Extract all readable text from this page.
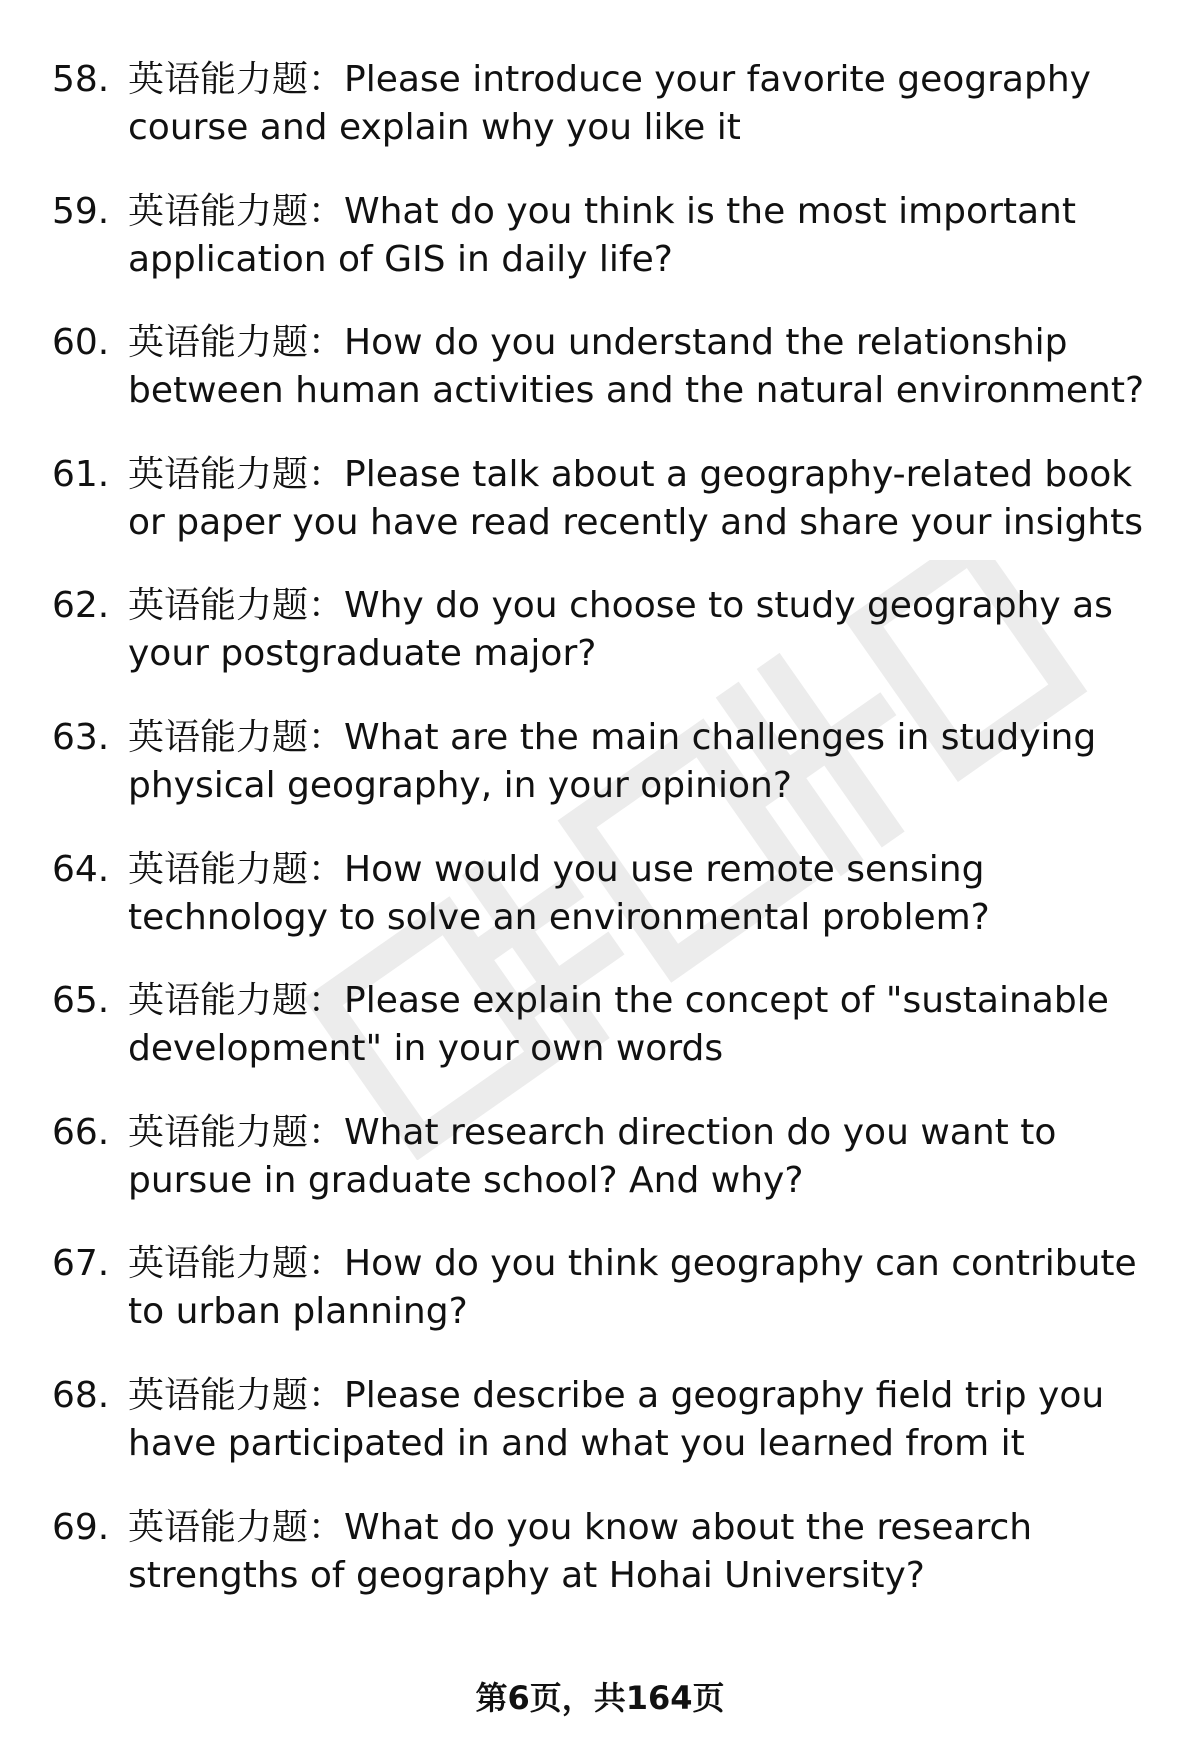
58. 英语能力题：Please introduce your favorite geography course and explain why you like it
59. 英语能力题：What do you think is the most important application of GIS in daily life?
60. 英语能力题：How do you understand the relationship between human activities and the natural environment?
61. 英语能力题：Please talk about a geography-related book or paper you have read recently and share your insights
62. 英语能力题：Why do you choose to study geography as your postgraduate major?
63. 英语能力题：What are the main challenges in studying physical geography, in your opinion?
64. 英语能力题：How would you use remote sensing technology to solve an environmental problem?
65. 英语能力题：Please explain the concept of "sustainable development" in your own words
66. 英语能力题：What research direction do you want to pursue in graduate school? And why?
67. 英语能力题：How do you think geography can contribute to urban planning?
68. 英语能力题：Please describe a geography field trip you have participated in and what you learned from it
69. 英语能力题：What do you know about the research strengths of geography at Hohai University?
第6页，共164页
